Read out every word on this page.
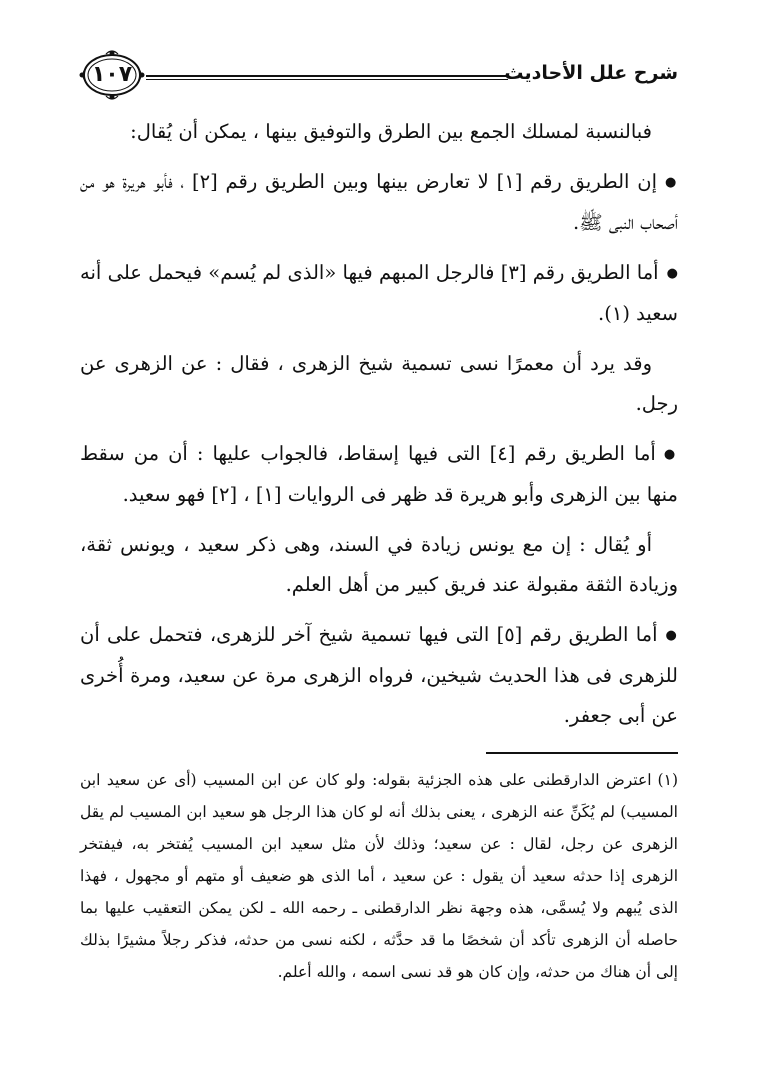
شرح علل الأحاديث
١٠٧

فبالنسبة لمسلك الجمع بين الطرق والتوفيق بينها ، يمكن أن يُقال:

● إن الطريق رقم [١] لا تعارض بينها وبين الطريق رقم [٢] ، فأبو هريرة هو من أصحاب النبى ﷺ.

● أما الطريق رقم [٣] فالرجل المبهم فيها «الذى لم يُسم» فيحمل على أنه سعيد (١).

وقد يرد أن معمرًا نسى تسمية شيخ الزهرى ، فقال : عن الزهرى عن رجل.

● أما الطريق رقم [٤] التى فيها إسقاط، فالجواب عليها : أن من سقط منها بين الزهرى وأبو هريرة قد ظهر فى الروايات [١] ، [٢] فهو سعيد.

أو يُقال : إن مع يونس زيادة في السند، وهى ذكر سعيد ، ويونس ثقة، وزيادة الثقة مقبولة عند فريق كبير من أهل العلم.

● أما الطريق رقم [٥] التى فيها تسمية شيخ آخر للزهرى، فتحمل على أن للزهرى فى هذا الحديث شيخين، فرواه الزهرى مرة عن سعيد، ومرة أُخرى عن أبى جعفر.

(١)اعترض الدارقطنى على هذه الجزئية بقوله: ولو كان عن ابن المسيب (أى عن سعيد ابن المسيب) لم يُكَنِّ عنه الزهرى ، يعنى بذلك أنه لو كان هذا الرجل هو سعيد ابن المسيب لم يقل الزهرى عن رجل، لقال : عن سعيد؛ وذلك لأن مثل سعيد ابن المسيب يُفتخر به، فيفتخر الزهرى إذا حدثه سعيد أن يقول : عن سعيد ، أما الذى هو ضعيف أو متهم أو مجهول ، فهذا الذى يُبهم ولا يُسمَّى، هذه وجهة نظر الدارقطنى ـ رحمه الله ـ لكن يمكن التعقيب عليها بما حاصله أن الزهرى تأكد أن شخصًا ما قد حدَّثه ، لكنه نسى من حدثه، فذكر رجلاً مشيرًا بذلك إلى أن هناك من حدثه، وإن كان هو قد نسى اسمه ، والله أعلم.
